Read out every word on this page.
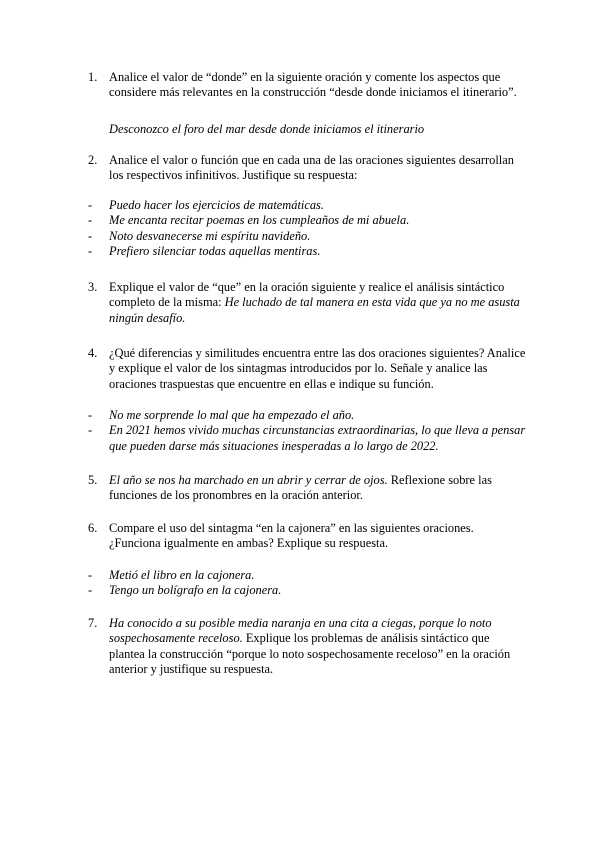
1. Analice el valor de “donde” en la siguiente oración y comente los aspectos que considere más relevantes en la construcción “desde donde iniciamos el itinerario”.
Desconozco el foro del mar desde donde iniciamos el itinerario
2. Analice el valor o función que en cada una de las oraciones siguientes desarrollan los respectivos infinitivos. Justifique su respuesta:
-	Puedo hacer los ejercicios de matemáticas.
-	Me encanta recitar poemas en los cumpleaños de mi abuela.
-	Noto desvanecerse mi espíritu navideño.
-	Prefiero silenciar todas aquellas mentiras.
3. Explique el valor de “que” en la oración siguiente y realice el análisis sintáctico completo de la misma: He luchado de tal manera en esta vida que ya no me asusta ningún desafío.
4. ¿Qué diferencias y similitudes encuentra entre las dos oraciones siguientes? Analice y explique el valor de los sintagmas introducidos por lo. Señale y analice las oraciones traspuestas que encuentre en ellas e indique su función.
-	No me sorprende lo mal que ha empezado el año.
-	En 2021 hemos vivido muchas circunstancias extraordinarias, lo que lleva a pensar que pueden darse más situaciones inesperadas a lo largo de 2022.
5. El año se nos ha marchado en un abrir y cerrar de ojos. Reflexione sobre las funciones de los pronombres en la oración anterior.
6. Compare el uso del sintagma “en la cajonera” en las siguientes oraciones. ¿Funciona igualmente en ambas? Explique su respuesta.
-	Metió el libro en la cajonera.
-	Tengo un bolígrafo en la cajonera.
7. Ha conocido a su posible media naranja en una cita a ciegas, porque lo noto sospechosamente receloso. Explique los problemas de análisis sintáctico que plantea la construcción “porque lo noto sospechosamente receloso” en la oración anterior y justifique su respuesta.
